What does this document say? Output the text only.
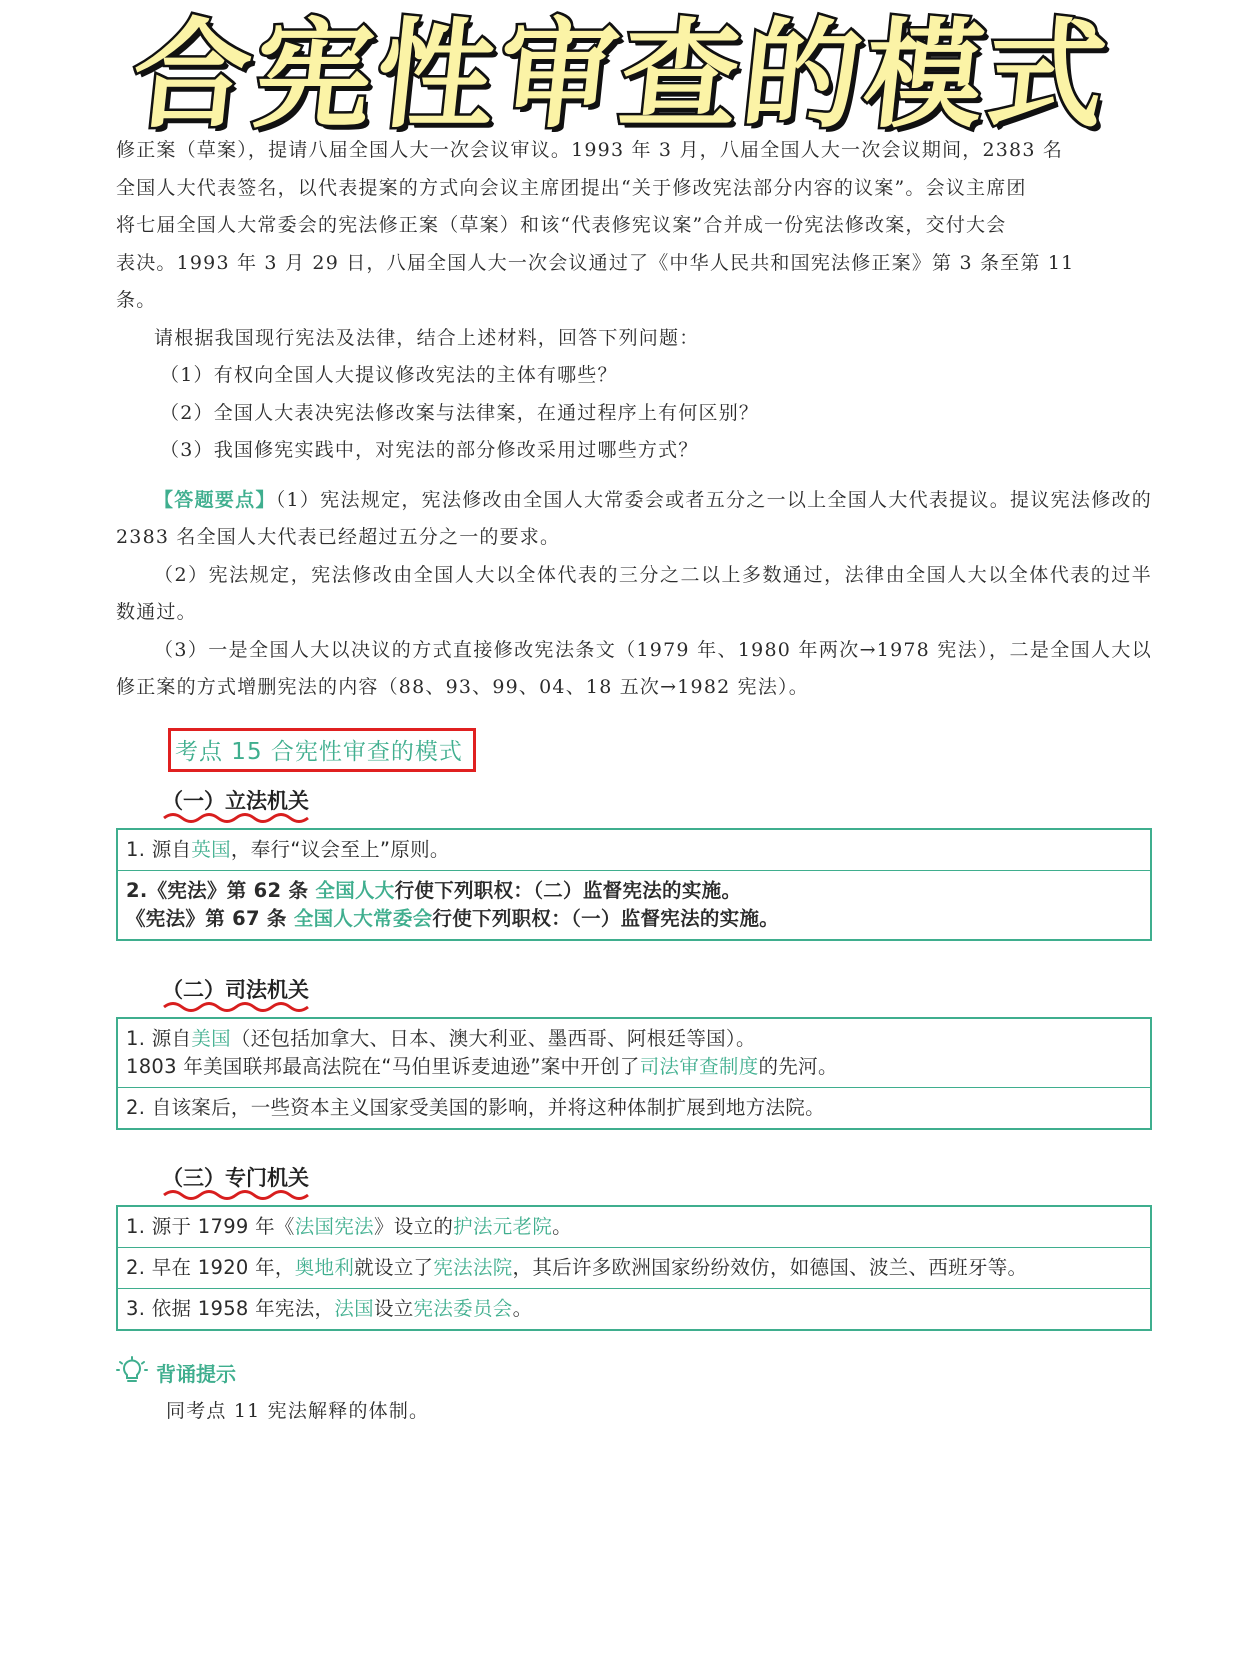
合宪性审查的模式
修正案（草案），提请八届全国人大一次会议审议。1993 年 3 月，八届全国人大一次会议期间，2383 名
全国人大代表签名，以代表提案的方式向会议主席团提出“关于修改宪法部分内容的议案”。会议主席团
将七届全国人大常委会的宪法修正案（草案）和该“代表修宪议案”合并成一份宪法修改案，交付大会
表决。1993 年 3 月 29 日，八届全国人大一次会议通过了《中华人民共和国宪法修正案》第 3 条至第 11
条。
请根据我国现行宪法及法律，结合上述材料，回答下列问题：
（1）有权向全国人大提议修改宪法的主体有哪些？
（2）全国人大表决宪法修改案与法律案，在通过程序上有何区别？
（3）我国修宪实践中，对宪法的部分修改采用过哪些方式？
【答题要点】（1）宪法规定，宪法修改由全国人大常委会或者五分之一以上全国人大代表提议。提议宪法修改的 2383 名全国人大代表已经超过五分之一的要求。
（2）宪法规定，宪法修改由全国人大以全体代表的三分之二以上多数通过，法律由全国人大以全体代表的过半数通过。
（3）一是全国人大以决议的方式直接修改宪法条文（1979 年、1980 年两次→1978 宪法），二是全国人大以修正案的方式增删宪法的内容（88、93、99、04、18 五次→1982 宪法）。
考点 15 合宪性审查的模式
（一）立法机关
1. 源自英国，奉行“议会至上”原则。
2.《宪法》第 62 条 全国人大行使下列职权：（二）监督宪法的实施。
《宪法》第 67 条 全国人大常委会行使下列职权：（一）监督宪法的实施。
（二）司法机关
1. 源自美国（还包括加拿大、日本、澳大利亚、墨西哥、阿根廷等国）。
1803 年美国联邦最高法院在“马伯里诉麦迪逊”案中开创了司法审查制度的先河。
2. 自该案后，一些资本主义国家受美国的影响，并将这种体制扩展到地方法院。
（三）专门机关
1. 源于 1799 年《法国宪法》设立的护法元老院。
2. 早在 1920 年，奥地利就设立了宪法法院，其后许多欧洲国家纷纷效仿，如德国、波兰、西班牙等。
3. 依据 1958 年宪法，法国设立宪法委员会。
背诵提示
同考点 11 宪法解释的体制。
